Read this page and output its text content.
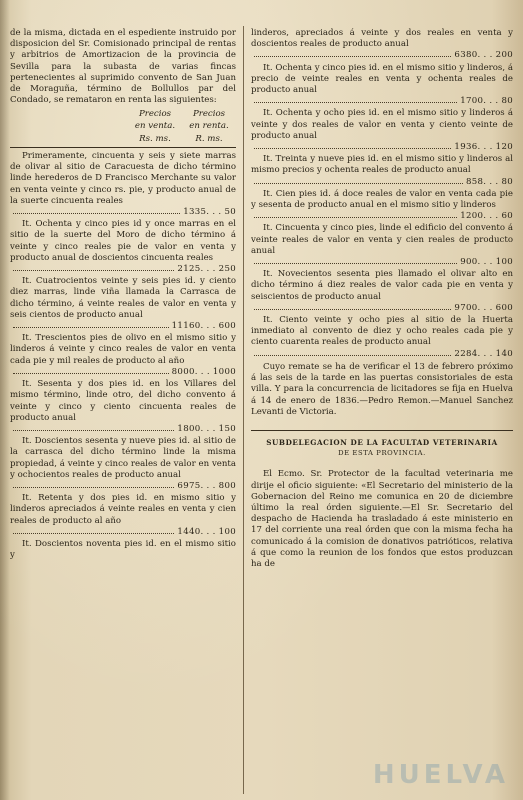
de la misma, dictada en el espediente instruido por disposicion del Sr. Comisionado principal de rentas y arbitrios de Amortizacion de la provincia de Sevilla para la subasta de varias fincas pertenecientes al suprimido convento de San Juan de Moraguña, término de Bollullos par del Condado, se remataron en renta las siguientes:

Precios	Precios
en venta.	en renta.
Rs. ms.	R. ms.
Primeramente, cincuenta y seis y siete marras de olivar al sitio de Caracuesta de dicho término linde herederos de D Francisco Merchante su valor en venta veinte y cinco rs. pie, y producto anual de la suerte cincuenta reales
1335. . . 50
It. Ochenta y cinco pies id y once marras en el sitio de la suerte del Moro de dicho término á veinte y cinco reales pie de valor en venta y producto anual de doscientos cincuenta reales
2125. . . 250
It. Cuatrocientos veinte y seis pies id. y ciento diez marras, linde viña llamada la Carrasca de dicho término, á veinte reales de valor en venta y seis cientos de producto anual
11160. . . 600
It. Trescientos pies de olivo en el mismo sitio y linderos á veinte y cinco reales de valor en venta cada pie y mil reales de producto al año
8000. . . 1000
It. Sesenta y dos pies id. en los Villares del mismo término, linde otro, del dicho convento á veinte y cinco y ciento cincuenta reales de producto anual
1800. . . 150
It. Doscientos sesenta y nueve pies id. al sitio de la carrasca del dicho término linde la misma propiedad, á veinte y cinco reales de valor en venta y ochocientos reales de producto anual
6975. . . 800
It. Retenta y dos pies id. en mismo sitio y linderos apreciados á veinte reales en venta y cien reales de producto al año
1440. . . 100
It. Doscientos noventa pies id. en el mismo sitio y
linderos, apreciados á veinte y dos reales en venta y doscientos reales de producto anual
6380. . . 200
It. Ochenta y cinco pies id. en el mismo sitio y linderos, á precio de veinte reales en venta y ochenta reales de producto anual
1700. . . 80
It. Ochenta y ocho pies id. en el mismo sitio y linderos á veinte y dos reales de valor en venta y ciento veinte de producto anual
1936. . . 120
It. Treinta y nueve pies id. en el mismo sitio y linderos al mismo precios y ochenta reales de producto anual
858. . . 80
It. Cien pies id. á doce reales de valor en venta cada pie y sesenta de producto anual en el mismo sitio y linderos
1200. . . 60
It. Cincuenta y cinco pies, linde el edificio del convento á veinte reales de valor en venta y cien reales de producto anual
900. . . 100
It. Novecientos sesenta pies llamado el olivar alto en dicho término á diez reales de valor cada pie en venta y seiscientos de producto anual
9700. . . 600
It. Ciento veinte y ocho pies al sitio de la Huerta inmediato al convento de diez y ocho reales cada pie y ciento cuarenta reales de producto anual
2284. . . 140

Cuyo remate se ha de verificar el 13 de febrero próximo á las seis de la tarde en las puertas consistoriales de esta villa. Y para la concurrencia de licitadores se fija en Huelva á 14 de enero de 1836.—Pedro Remon.—Manuel Sanchez Levanti de Victoria.

SUBDELEGACION DE LA FACULTAD VETERINARIA
DE ESTA PROVINCIA.

El Ecmo. Sr. Protector de la facultad veterinaria me dirije el oficio siguiente: «El Secretario del ministerio de la Gobernacion del Reino me comunica en 20 de diciembre último la real órden siguiente.—El Sr. Secretario del despacho de Hacienda ha trasladado á este ministerio en 17 del corriente una real órden que con la misma fecha ha comunicado á la comision de donativos patrióticos, relativa á que como la reunion de los fondos que estos produzcan ha de

HUELVA
